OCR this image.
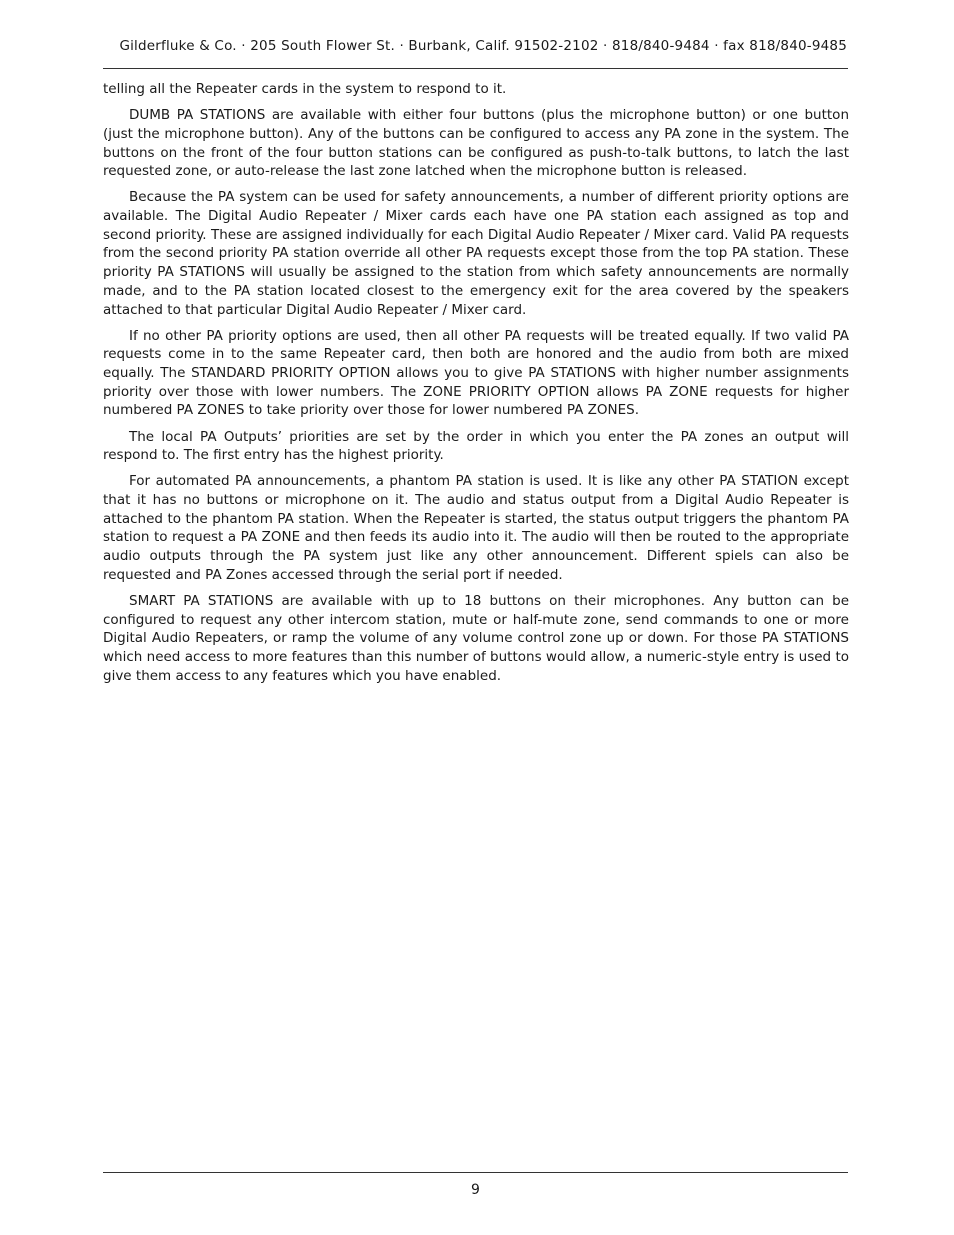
Gilderfluke & Co. · 205 South Flower St. · Burbank, Calif. 91502-2102 · 818/840-9484 · fax 818/840-9485

telling all the Repeater cards in the system to respond to it.

DUMB PA STATIONS are available with either four buttons (plus the microphone button) or one button (just the microphone button). Any of the buttons can be configured to access any PA zone in the system. The buttons on the front of the four button stations can be configured as push-to-talk buttons, to latch the last requested zone, or auto-release the last zone latched when the microphone button is released.

Because the PA system can be used for safety announcements, a number of different priority options are available. The Digital Audio Repeater / Mixer cards each have one PA station each assigned as top and second priority. These are assigned individually for each Digital Audio Repeater / Mixer card. Valid PA requests from the second priority PA station override all other PA requests except those from the top PA station. These priority PA STATIONS will usually be assigned to the station from which safety announcements are normally made, and to the PA station located closest to the emergency exit for the area covered by the speakers attached to that particular Digital Audio Repeater / Mixer card.

If no other PA priority options are used, then all other PA requests will be treated equally. If two valid PA requests come in to the same Repeater card, then both are honored and the audio from both are mixed equally. The STANDARD PRIORITY OPTION allows you to give PA STATIONS with higher number assignments priority over those with lower numbers. The ZONE PRIORITY OPTION allows PA ZONE requests for higher numbered PA ZONES to take priority over those for lower numbered PA ZONES.

The local PA Outputs’ priorities are set by the order in which you enter the PA zones an output will respond to. The first entry has the highest priority.

For automated PA announcements, a phantom PA station is used. It is like any other PA STATION except that it has no buttons or microphone on it. The audio and status output from a Digital Audio Repeater is attached to the phantom PA station. When the Repeater is started, the status output triggers the phantom PA station to request a PA ZONE and then feeds its audio into it. The audio will then be routed to the appropriate audio outputs through the PA system just like any other announcement. Different spiels can also be requested and PA Zones accessed through the serial port if needed.

SMART PA STATIONS are available with up to 18 buttons on their microphones. Any button can be configured to request any other intercom station, mute or half-mute zone, send commands to one or more Digital Audio Repeaters, or ramp the volume of any volume control zone up or down. For those PA STATIONS which need access to more features than this number of buttons would allow, a numeric-style entry is used to give them access to any features which you have enabled.

9
